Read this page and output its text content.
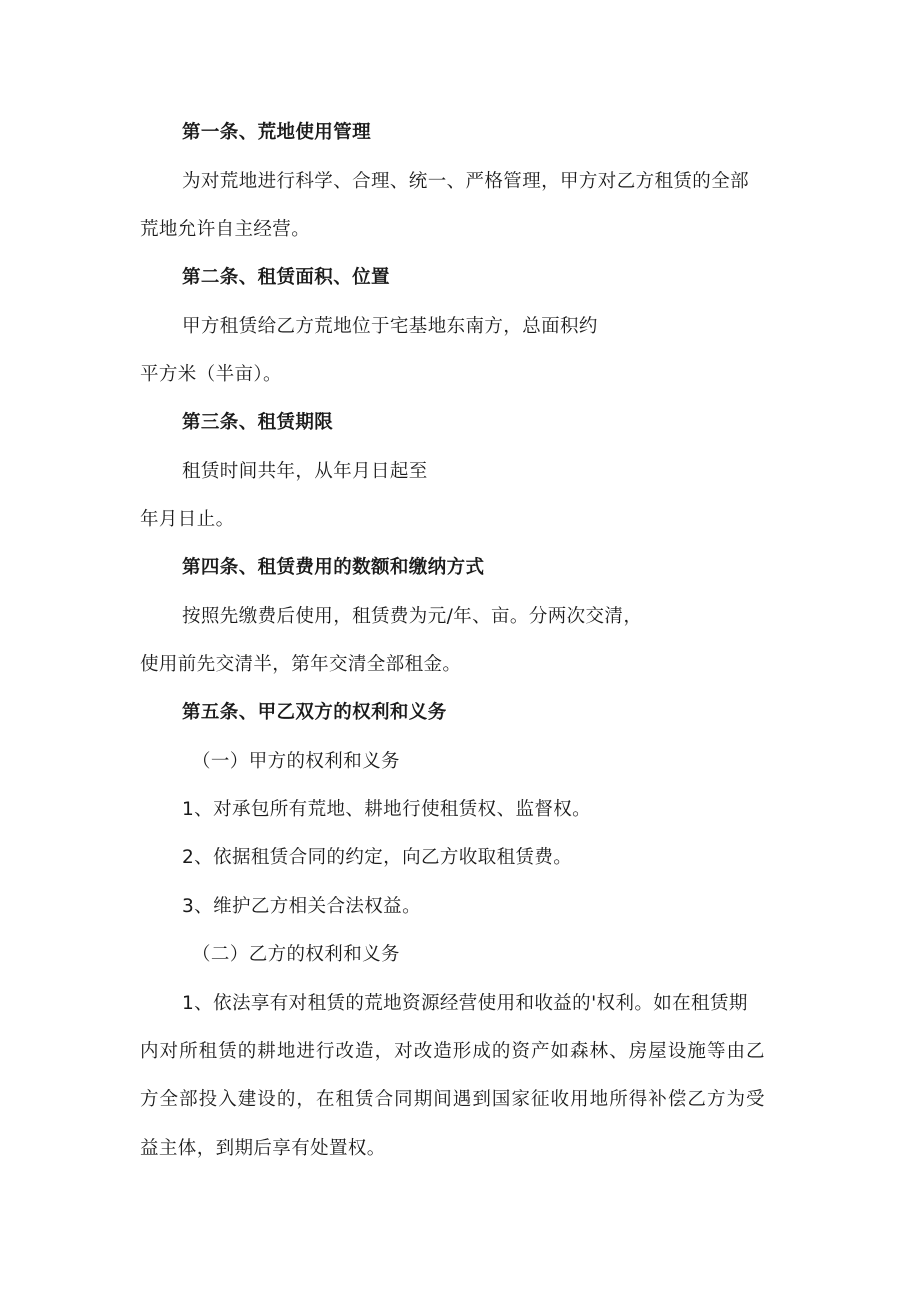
第一条、荒地使用管理
为对荒地进行科学、合理、统一、严格管理，甲方对乙方租赁的全部
荒地允许自主经营。
第二条、租赁面积、位置
甲方租赁给乙方荒地位于宅基地东南方，总面积约
平方米（半亩）。
第三条、租赁期限
租赁时间共年，从年月日起至
年月日止。
第四条、租赁费用的数额和缴纳方式
按照先缴费后使用，租赁费为元/年、亩。分两次交清，
使用前先交清半，第年交清全部租金。
第五条、甲乙双方的权利和义务
（一）甲方的权利和义务
1、对承包所有荒地、耕地行使租赁权、监督权。
2、依据租赁合同的约定，向乙方收取租赁费。
3、维护乙方相关合法权益。
（二）乙方的权利和义务
1、依法享有对租赁的荒地资源经营使用和收益的'权利。如在租赁期
内对所租赁的耕地进行改造，对改造形成的资产如森林、房屋设施等由乙
方全部投入建设的，在租赁合同期间遇到国家征收用地所得补偿乙方为受
益主体，到期后享有处置权。
